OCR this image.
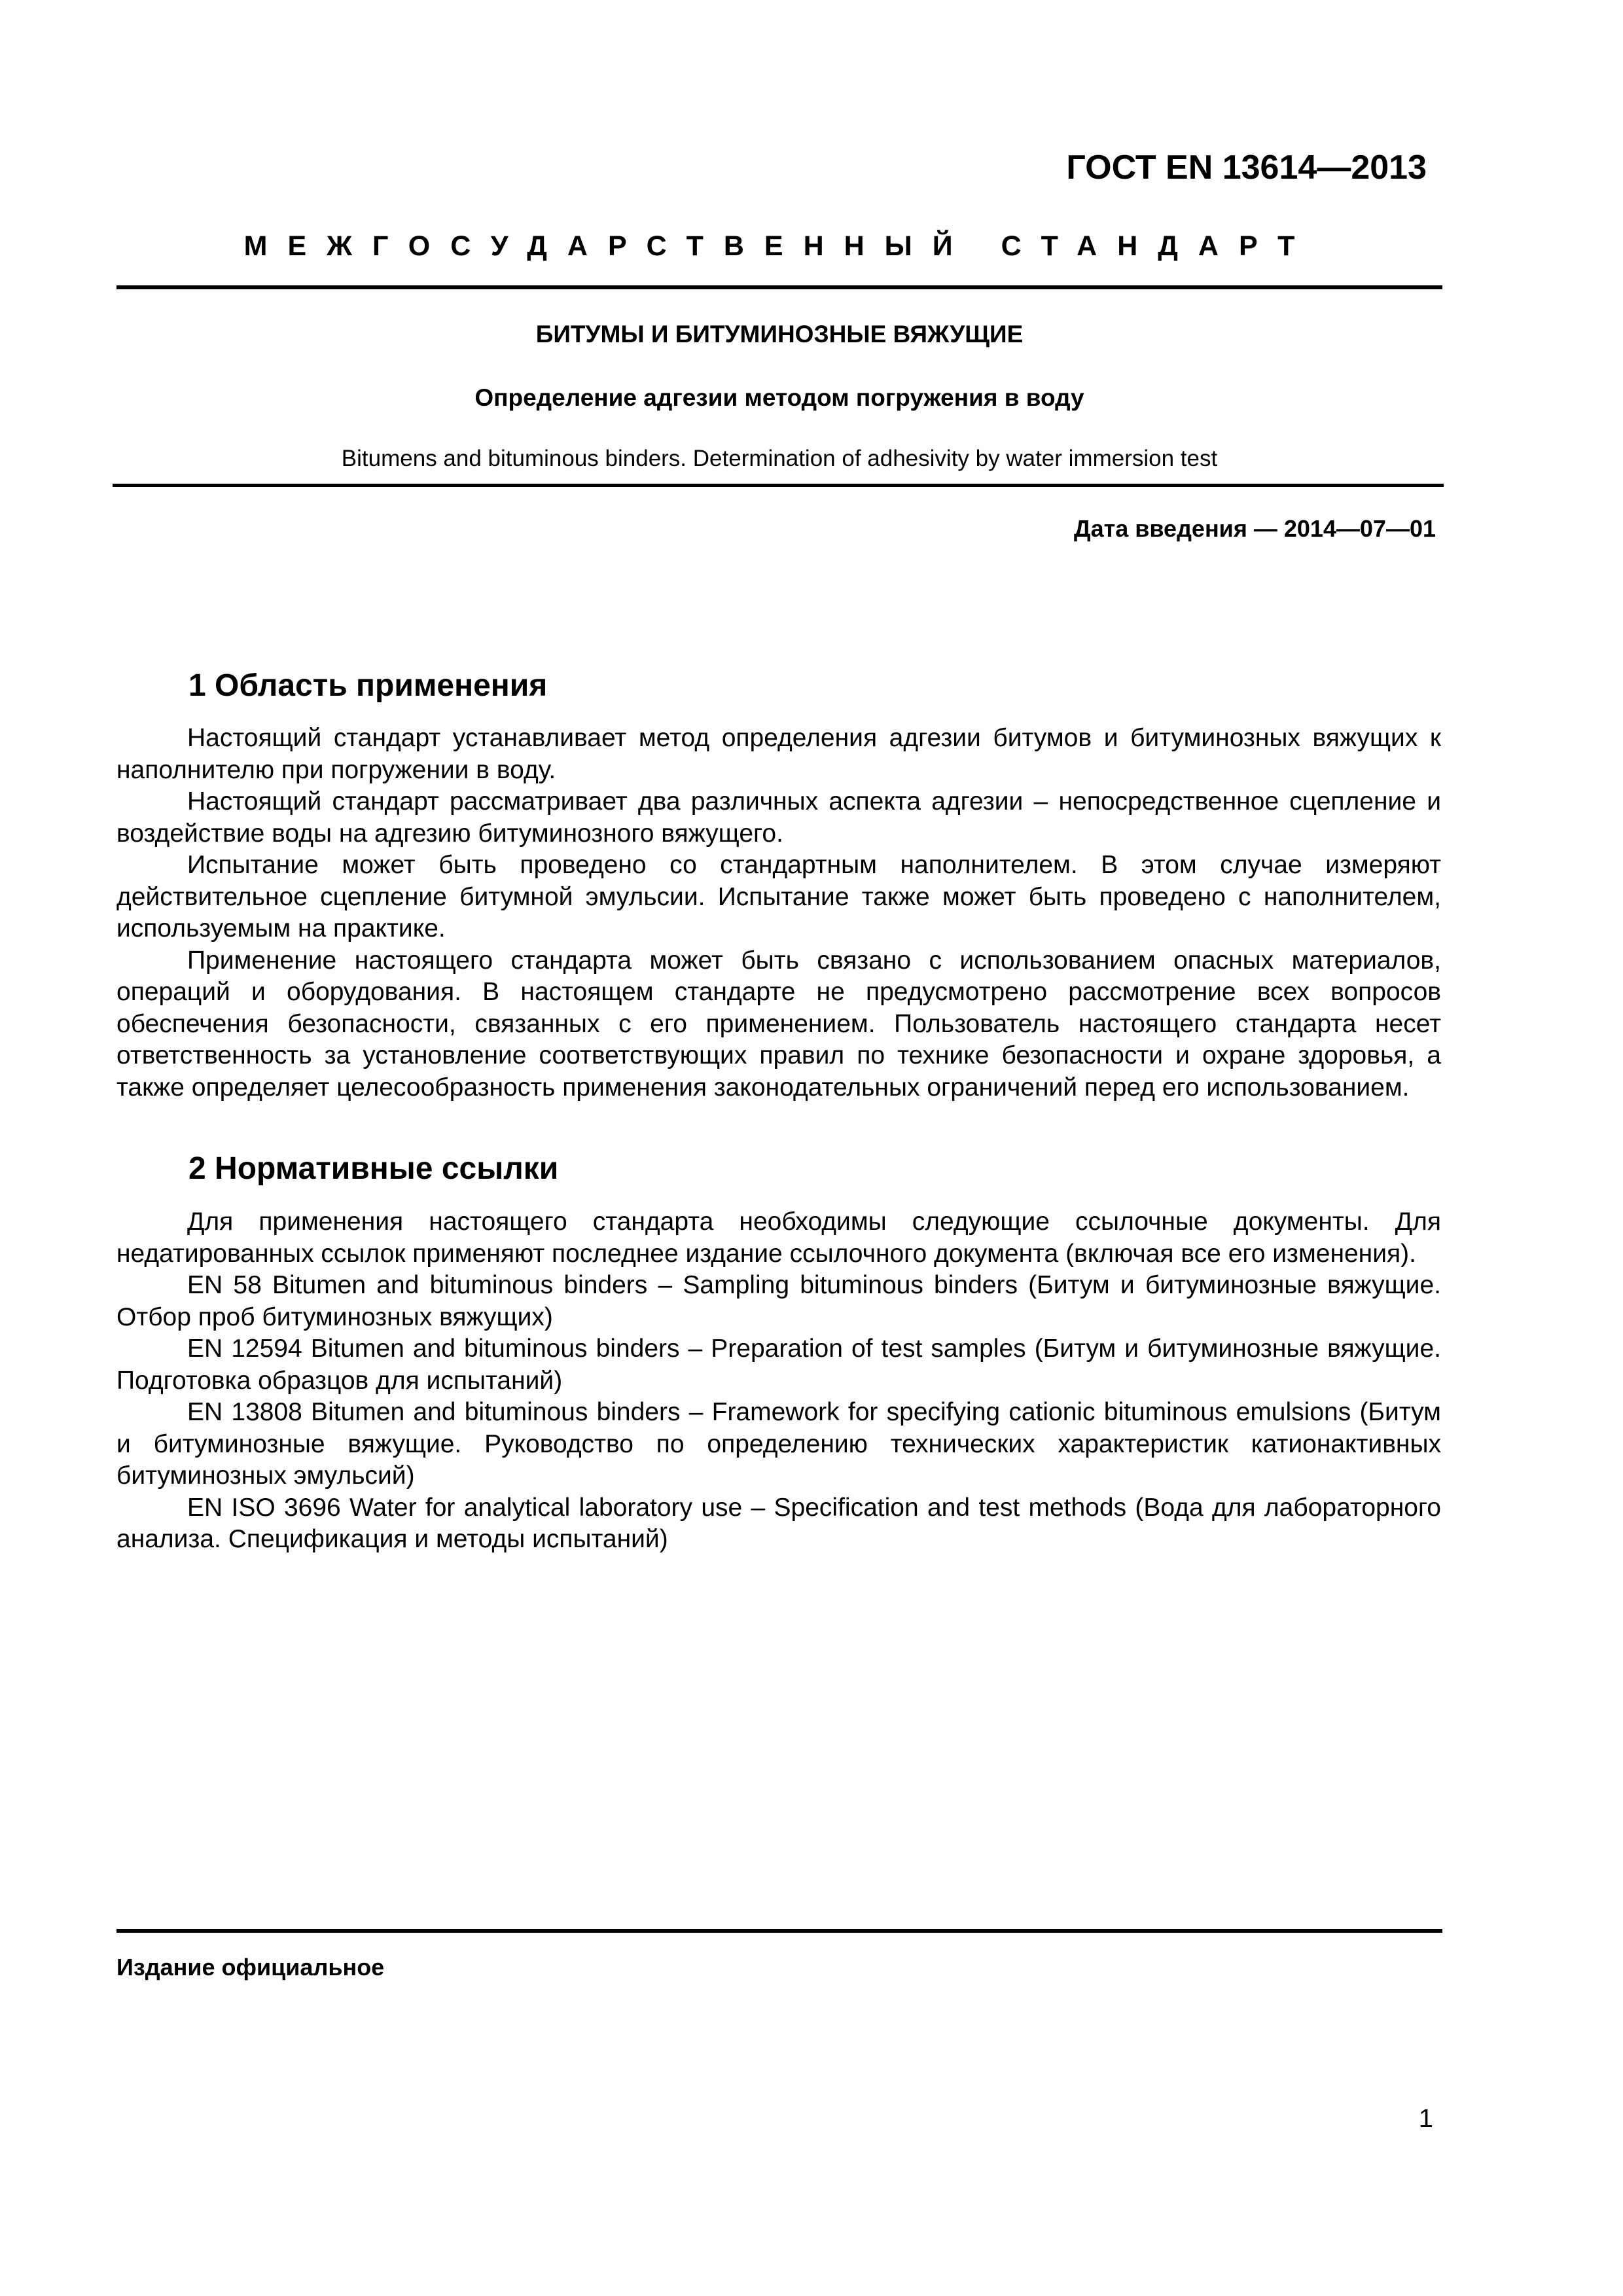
ГОСТ EN 13614—2013
МЕЖГОСУДАРСТВЕННЫЙ СТАНДАРТ
БИТУМЫ И БИТУМИНОЗНЫЕ ВЯЖУЩИЕ
Определение адгезии методом погружения в воду
Bitumens and bituminous binders. Determination of adhesivity by water immersion test
Дата введения — 2014—07—01
1 Область применения

Настоящий стандарт устанавливает метод определения адгезии битумов и битуминозных вяжущих к наполнителю при погружении в воду.

Настоящий стандарт рассматривает два различных аспекта адгезии – непосредственное сцепление и воздействие воды на адгезию битуминозного вяжущего.

Испытание может быть проведено со стандартным наполнителем. В этом случае измеряют действительное сцепление битумной эмульсии. Испытание также может быть проведено с наполнителем, используемым на практике.

Применение настоящего стандарта может быть связано с использованием опасных материалов, операций и оборудования. В настоящем стандарте не предусмотрено рассмотрение всех вопросов обеспечения безопасности, связанных с его применением. Пользователь настоящего стандарта несет ответственность за установление соответствующих правил по технике безопасности и охране здоровья, а также определяет целесообразность применения законодательных ограничений перед его использованием.

2 Нормативные ссылки

Для применения настоящего стандарта необходимы следующие ссылочные документы. Для недатированных ссылок применяют последнее издание ссылочного документа (включая все его изменения).

EN 58 Bitumen and bituminous binders – Sampling bituminous binders (Битум и битуминозные вяжущие. Отбор проб битуминозных вяжущих)

EN 12594 Bitumen and bituminous binders – Preparation of test samples (Битум и битуминозные вяжущие. Подготовка образцов для испытаний)

EN 13808 Bitumen and bituminous binders – Framework for specifying cationic bituminous emulsions (Битум и битуминозные вяжущие. Руководство по определению технических характеристик катионактивных битуминозных эмульсий)

EN ISO 3696 Water for analytical laboratory use – Specification and test methods (Вода для лабораторного анализа. Спецификация и методы испытаний)

Издание официальное
1
